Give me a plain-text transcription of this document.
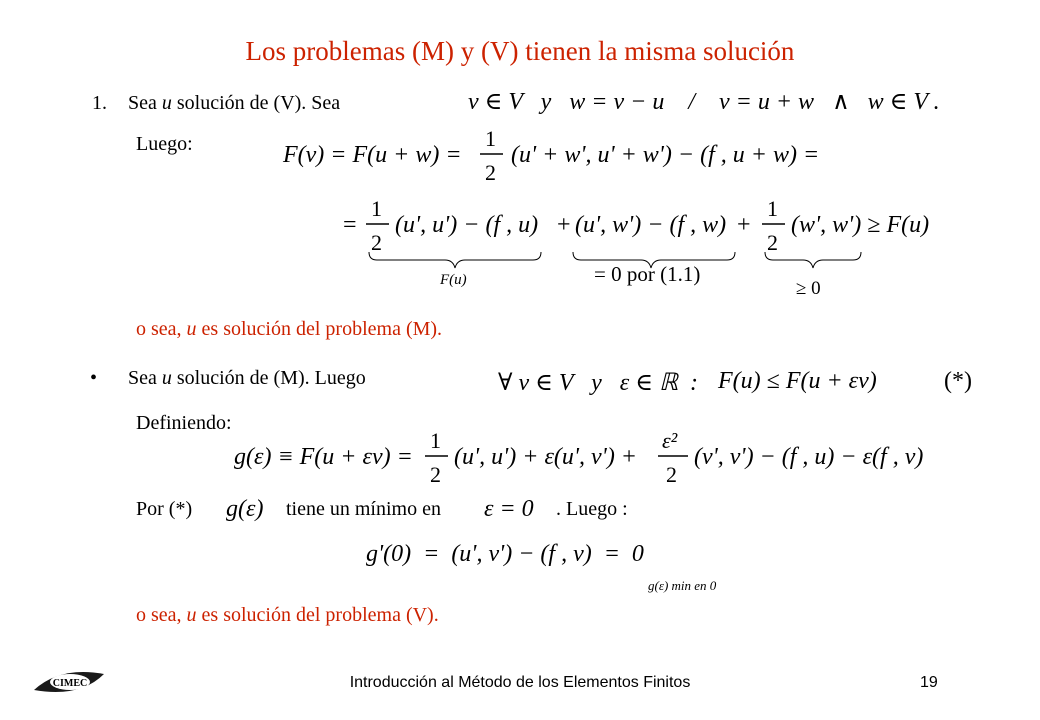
Los problemas (M) y (V) tienen la misma solución
1. Sea u solución de (V). Sea	v ∈ V   y   w = v − u    /    v = u + w   ∧   w ∈ V .
Luego:	F(v) = F(u + w) =
1
2
(u' + w', u' + w') − (f , u + w) =
=
1
2
(u', u') − (f , u) + (u', w') − (f , w) +
1
2
(w', w') ≥ F(u)
F(u)	= 0 por (1.1)
≥ 0
o sea, u es solución del problema (M).
• Sea u solución de (M). Luego	∀ v ∈ V   y   ε ∈ ℝ  : F(u) ≤ F(u + εv)	(*)
Definiendo:
g(ε) ≡ F(u + εv) =
1
2
(u', u') + ε(u', v') +
ε²
2
(v', v') − (f , u) − ε(f , v)
Por (*) g(ε) tiene un mínimo en ε = 0 . Luego :
g'(0)  =  (u', v') − (f , v)  =  0
g(ε) min en 0
o sea, u es solución del problema (V).
CIMEC	Introducción al Método de los Elementos Finitos	19
